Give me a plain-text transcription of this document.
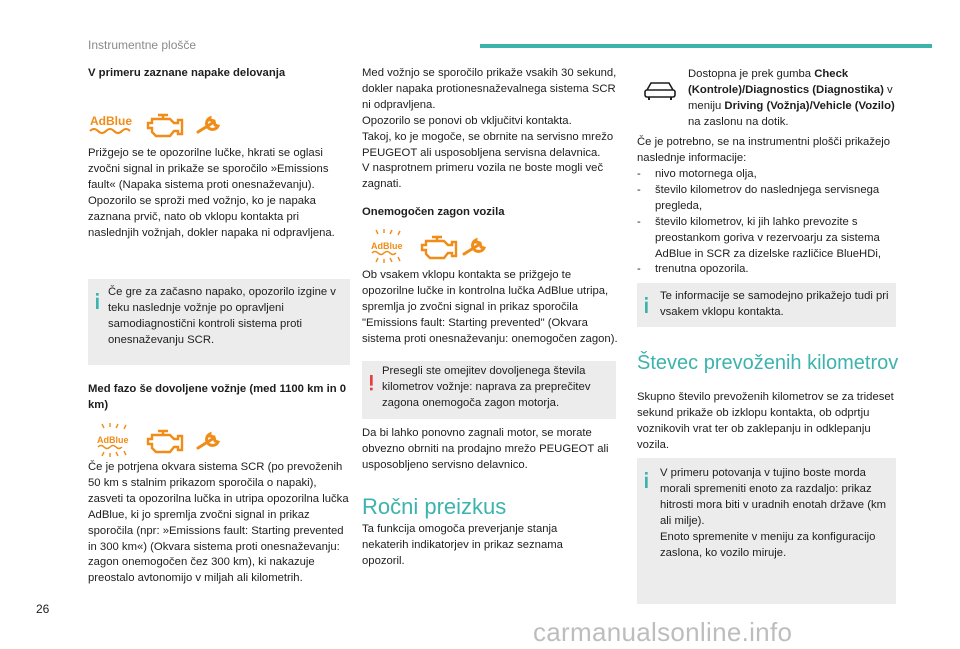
Instrumentne plošče
V primeru zaznane napake delovanja
AdBlue
Prižgejo se te opozorilne lučke, hkrati se oglasi zvočni signal in prikaže se sporočilo »Emissions fault« (Napaka sistema proti onesnaževanju).
Opozorilo se sproži med vožnjo, ko je napaka zaznana prvič, nato ob vklopu kontakta pri naslednjih vožnjah, dokler napaka ni odpravljena.
Če gre za začasno napako, opozorilo izgine v teku naslednje vožnje po opravljeni samodiagnostični kontroli sistema proti onesnaževanju SCR.
Med fazo še dovoljene vožnje (med 1100 km in 0 km)
AdBlue
Če je potrjena okvara sistema SCR (po prevoženih 50 km s stalnim prikazom sporočila o napaki), zasveti ta opozorilna lučka in utripa opozorilna lučka AdBlue, ki jo spremlja zvočni signal in prikaz sporočila (npr: »Emissions fault: Starting prevented in 300 km«) (Okvara sistema proti onesnaževanju: zagon onemogočen čez 300 km), ki nakazuje preostalo avtonomijo v miljah ali kilometrih.
Med vožnjo se sporočilo prikaže vsakih 30 sekund, dokler napaka protionesnaževalnega sistema SCR ni odpravljena.
Opozorilo se ponovi ob vključitvi kontakta.
Takoj, ko je mogoče, se obrnite na servisno mrežo PEUGEOT ali usposobljena servisna delavnica.
V nasprotnem primeru vozila ne boste mogli več zagnati.
Onemogočen zagon vozila
AdBlue
Ob vsakem vklopu kontakta se prižgejo te opozorilne lučke in kontrolna lučka AdBlue utripa, spremlja jo zvočni signal in prikaz sporočila "Emissions fault: Starting prevented" (Okvara sistema proti onesnaževanju: onemogočen zagon).
Presegli ste omejitev dovoljenega števila kilometrov vožnje: naprava za preprečitev zagona onemogoča zagon motorja.
Da bi lahko ponovno zagnali motor, se morate obvezno obrniti na prodajno mrežo PEUGEOT ali usposobljeno servisno delavnico.
Ročni preizkus
Ta funkcija omogoča preverjanje stanja nekaterih indikatorjev in prikaz seznama opozoril.
Dostopna je prek gumba Check (Kontrole)/Diagnostics (Diagnostika) v meniju Driving (Vožnja)/Vehicle (Vozilo) na zaslonu na dotik.
Če je potrebno, se na instrumentni plošči prikažejo naslednje informacije:
- nivo motornega olja,
- število kilometrov do naslednjega servisnega pregleda,
- število kilometrov, ki jih lahko prevozite s preostankom goriva v rezervoarju za sistema AdBlue in SCR za dizelske različice BlueHDi,
- trenutna opozorila.
Te informacije se samodejno prikažejo tudi pri vsakem vklopu kontakta.
Števec prevoženih kilometrov
Skupno število prevoženih kilometrov se za trideset sekund prikaže ob izklopu kontakta, ob odprtju voznikovih vrat ter ob zaklepanju in odklepanju vozila.
V primeru potovanja v tujino boste morda morali spremeniti enoto za razdaljo: prikaz hitrosti mora biti v uradnih enotah države (km ali milje).
Enoto spremenite v meniju za konfiguracijo zaslona, ko vozilo miruje.
26
carmanualsonline.info
